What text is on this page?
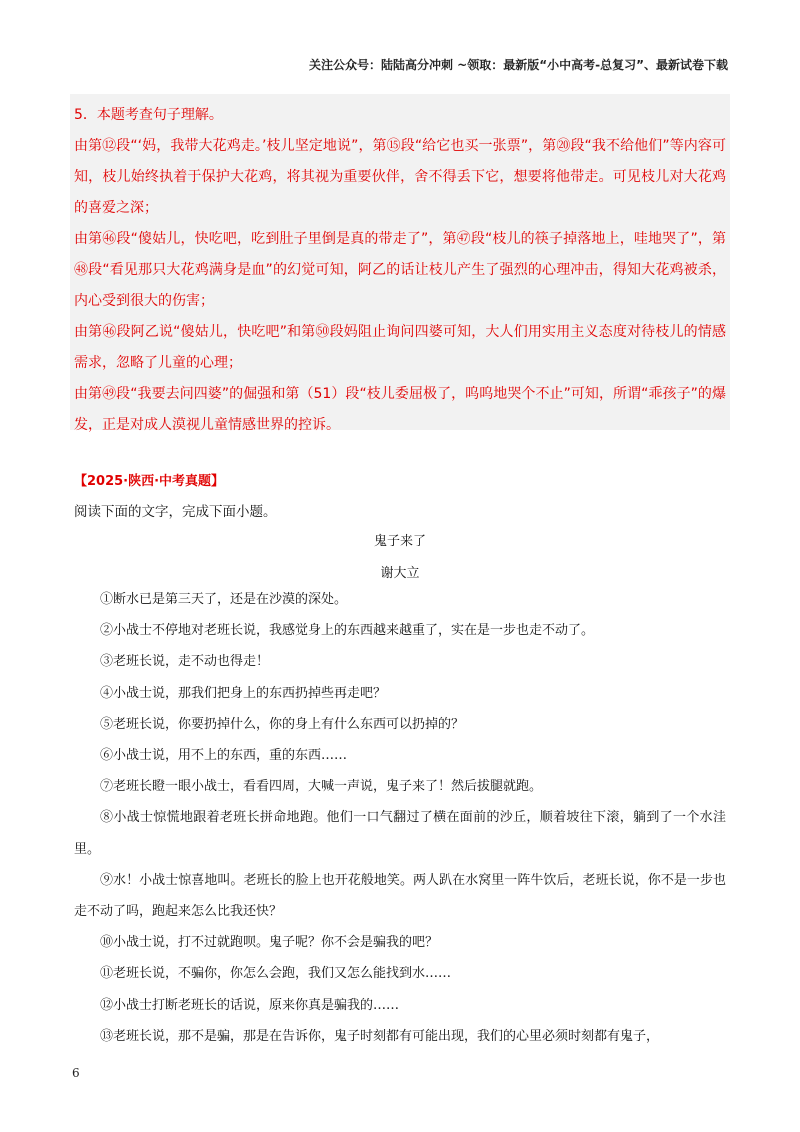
关注公众号：陆陆高分冲刺 ~领取：最新版“小中高考-总复习”、最新试卷下载

5．本题考查句子理解。

由第⑫段“‘妈，我带大花鸡走。’枝儿坚定地说”，第⑮段“给它也买一张票”，第⑳段“我不给他们”等内容可知，枝儿始终执着于保护大花鸡，将其视为重要伙伴，舍不得丢下它，想要将他带走。可见枝儿对大花鸡的喜爱之深；

由第㊻段“傻姑儿，快吃吧，吃到肚子里倒是真的带走了”，第㊼段“枝儿的筷子掉落地上，哇地哭了”，第㊽段“看见那只大花鸡满身是血”的幻觉可知，阿乙的话让枝儿产生了强烈的心理冲击，得知大花鸡被杀，内心受到很大的伤害；

由第㊻段阿乙说“傻姑儿，快吃吧”和第㊿段妈阻止询问四婆可知，大人们用实用主义态度对待枝儿的情感需求，忽略了儿童的心理；

由第㊾段“我要去问四婆”的倔强和第（51）段“枝儿委屈极了，呜呜地哭个不止”可知，所谓“乖孩子”的爆发，正是对成人漠视儿童情感世界的控诉。

【2025·陕西·中考真题】
阅读下面的文字，完成下面小题。
鬼子来了
谢大立

①断水已是第三天了，还是在沙漠的深处。

②小战士不停地对老班长说，我感觉身上的东西越来越重了，实在是一步也走不动了。

③老班长说，走不动也得走！

④小战士说，那我们把身上的东西扔掉些再走吧？

⑤老班长说，你要扔掉什么，你的身上有什么东西可以扔掉的？

⑥小战士说，用不上的东西，重的东西……

⑦老班长瞪一眼小战士，看看四周，大喊一声说，鬼子来了！然后拔腿就跑。

⑧小战士惊慌地跟着老班长拼命地跑。他们一口气翻过了横在面前的沙丘，顺着坡往下滚，躺到了一个水洼里。

⑨水！小战士惊喜地叫。老班长的脸上也开花般地笑。两人趴在水窝里一阵牛饮后，老班长说，你不是一步也走不动了吗，跑起来怎么比我还快？

⑩小战士说，打不过就跑呗。鬼子呢？你不会是骗我的吧？

⑪老班长说，不骗你，你怎么会跑，我们又怎么能找到水……

⑫小战士打断老班长的话说，原来你真是骗我的……

⑬老班长说，那不是骗，那是在告诉你，鬼子时刻都有可能出现，我们的心里必须时刻都有鬼子，

6
